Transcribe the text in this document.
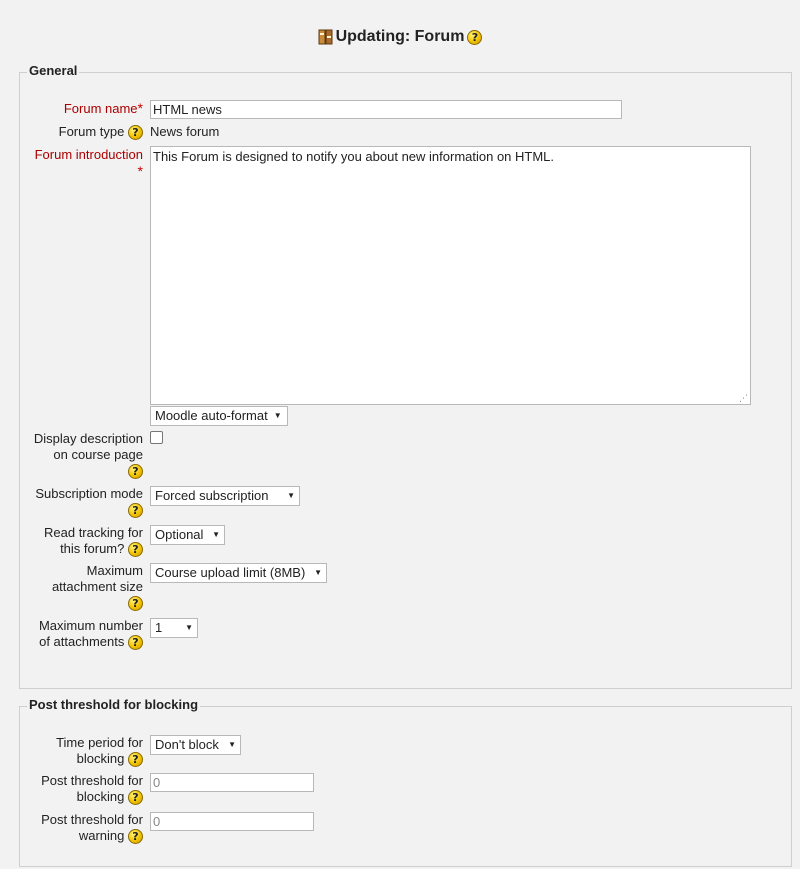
Updating: Forum ?
General
Forum name*
HTML news
Forum type ? News forum
Forum introduction
*
This Forum is designed to notify you about new information on HTML.
⋰
Moodle auto-format ▼
Display description
on course page
?
Subscription mode
?
Forced subscription ▼
Read tracking for
this forum? ?
Optional ▼
Maximum
attachment size
?
Course upload limit (8MB) ▼
Maximum number
of attachments ?
1	▼
Post threshold for blocking
Time period for
blocking ?
Don't block ▼
Post threshold for
blocking ?
0
Post threshold for
warning ?
0
